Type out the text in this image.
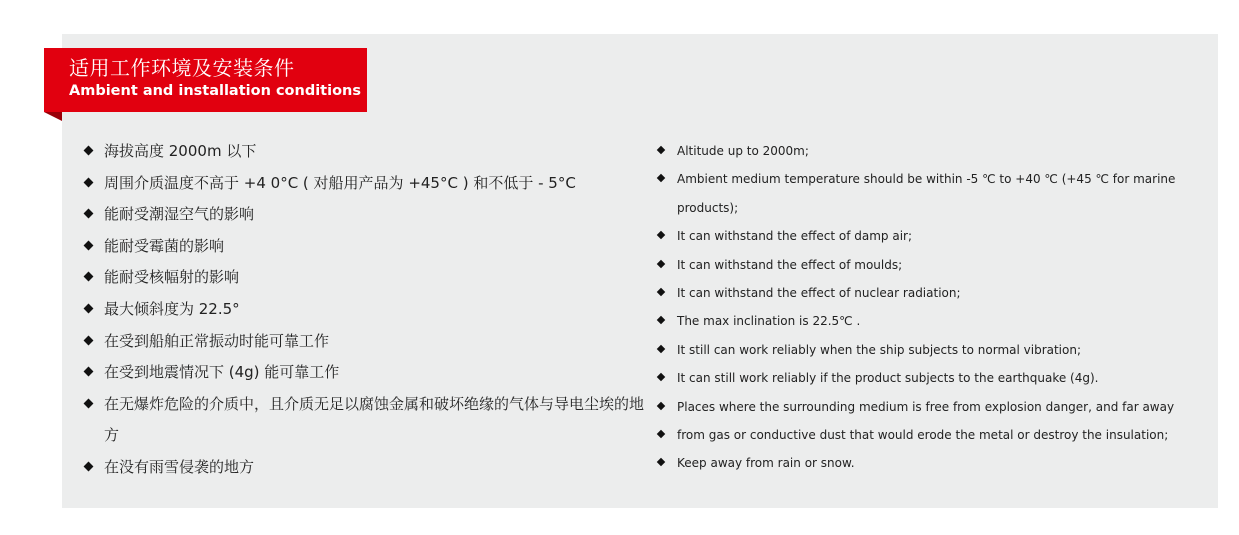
适用工作环境及安装条件
Ambient and installation conditions
海拔高度 2000m 以下
周围介质温度不高于 +4 0°C ( 对船用产品为 +45°C ) 和不低于 - 5°C
能耐受潮湿空气的影响
能耐受霉菌的影响
能耐受核幅射的影响
最大倾斜度为 22.5°
在受到船舶正常振动时能可靠工作
在受到地震情况下 (4g) 能可靠工作
在无爆炸危险的介质中，且介质无足以腐蚀金属和破坏绝缘的气体与导电尘埃的地方
在没有雨雪侵袭的地方
Altitude up to 2000m;
Ambient medium temperature should be within -5 ℃ to +40 ℃ (+45 ℃ for marine products);
It can withstand the effect of damp air;
It can withstand the effect of moulds;
It can withstand the effect of nuclear radiation;
The max inclination is 22.5℃ .
It still can work reliably when the ship subjects to normal vibration;
It can still work reliably if the product subjects to the earthquake (4g).
Places where the surrounding medium is free from explosion danger, and far away
from gas or conductive dust that would erode the metal or destroy the insulation;
Keep away from rain or snow.
